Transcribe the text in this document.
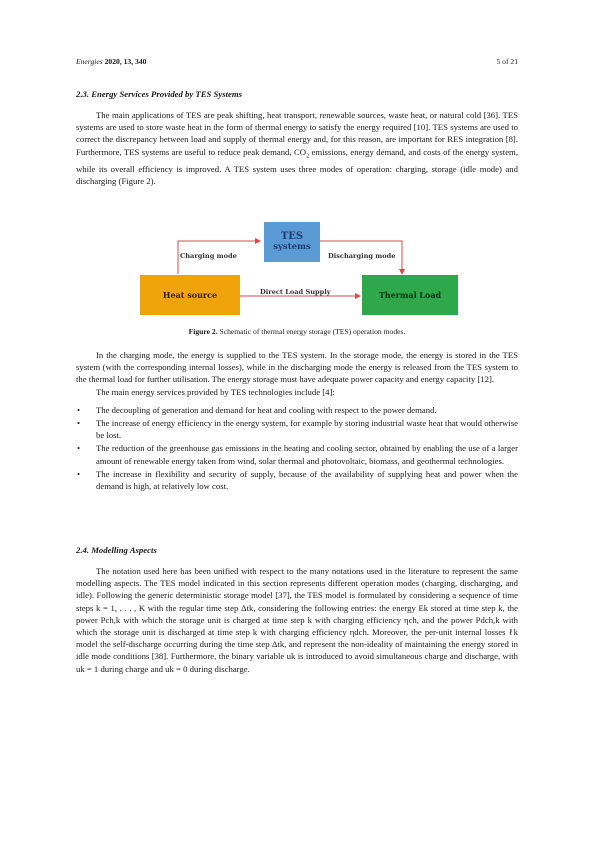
Energies 2020, 13, 340	5 of 21
2.3. Energy Services Provided by TES Systems

The main applications of TES are peak shifting, heat transport, renewable sources, waste heat, or natural cold [36]. TES systems are used to store waste heat in the form of thermal energy to satisfy the energy required [10]. TES systems are used to correct the discrepancy between load and supply of thermal energy and, for this reason, are important for RES integration [8]. Furthermore, TES systems are useful to reduce peak demand, $CO_2$ emissions, energy demand, and costs of the energy system, while its overall efficiency is improved. A TES system uses three modes of operation: charging, storage (idle mode) and discharging (Figure 2).

TES
systems
Charging mode	Discharging mode
Heat source	Direct Load Supply	Thermal Load
Figure 2. Schematic of thermal energy storage (TES) operation modes.

In the charging mode, the energy is supplied to the TES system. In the storage mode, the energy is stored in the TES system (with the corresponding internal losses), while in the discharging mode the energy is released from the TES system to the thermal load for further utilisation. The energy storage must have adequate power capacity and energy capacity [12].

The main energy services provided by TES technologies include [4]:

• The decoupling of generation and demand for heat and cooling with respect to the power demand.
• The increase of energy efficiency in the energy system, for example by storing industrial waste heat that would otherwise be lost.
• The reduction of the greenhouse gas emissions in the heating and cooling sector, obtained by enabling the use of a larger amount of renewable energy taken from wind, solar thermal and photovoltaic, biomass, and geothermal technologies.
• The increase in flexibility and security of supply, because of the availability of supplying heat and power when the demand is high, at relatively low cost.
2.4. Modelling Aspects

The notation used here has been unified with respect to the many notations used in the literature to represent the same modelling aspects. The TES model indicated in this section represents different operation modes (charging, discharging, and idle). Following the generic deterministic storage model [37], the TES model is formulated by considering a sequence of time steps k = 1, . . . , K with the regular time step Δtk, considering the following entries: the energy Ek stored at time step k, the power Pch,k with which the storage unit is charged at time step k with charging efficiency ηch, and the power Pdch,k with which the storage unit is discharged at time step k with charging efficiency ηdch. Moreover, the per-unit internal losses ℓk model the self-discharge occurring during the time step Δtk, and represent the non-ideality of maintaining the energy stored in idle mode conditions [38]. Furthermore, the binary variable uk is introduced to avoid simultaneous charge and discharge, with uk = 1 during charge and uk = 0 during discharge.
